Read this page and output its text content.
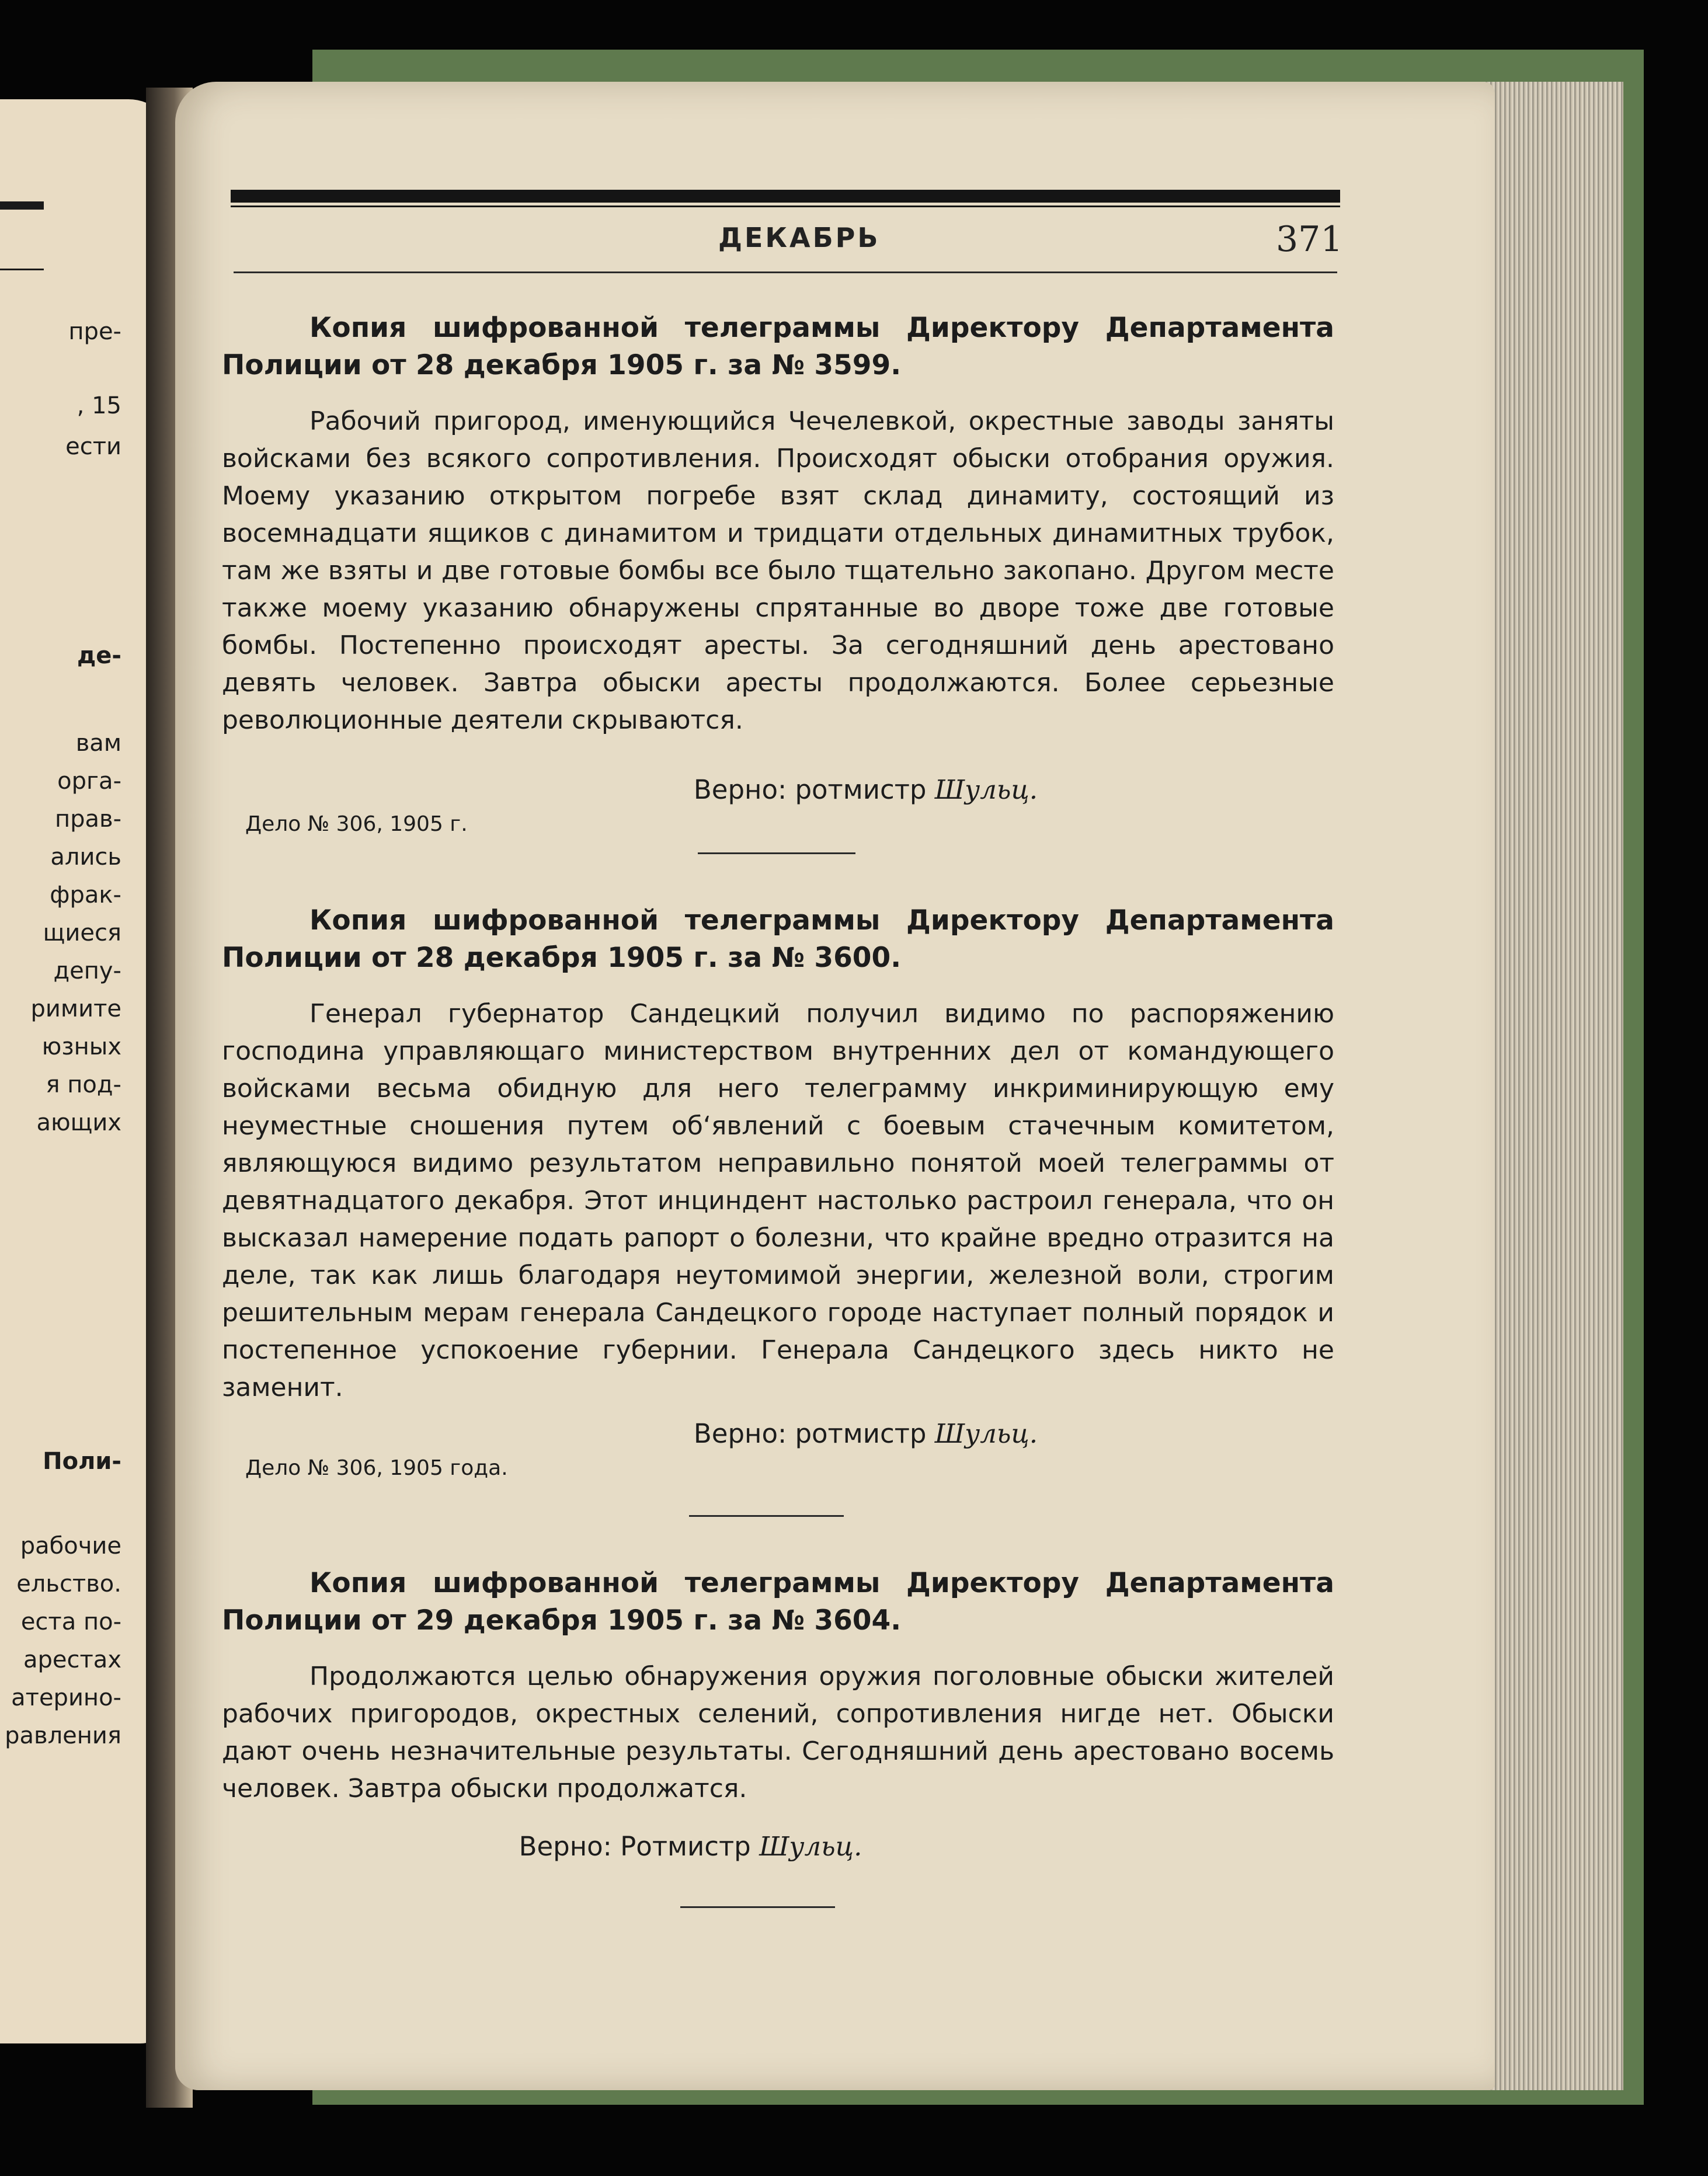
пре-
, 15
ести
де-
вам
орга-
прав-
ались
фрак-
щиеся
депу-
римите
юзных
я под-
ающих
Поли-
рабочие
ельство.
еста по-
арестах
атерино-
равления
ДЕКАБРЬ	371
Копия шифрованной телеграммы Директору Департамента Полиции от 28 декабря 1905 г. за № 3599.
Рабочий пригород, именующийся Чечелевкой, окрестные заводы заняты войсками без всякого сопротивления. Происходят обыски отобрания оружия. Моему указанию открытом погребе взят склад динамиту, состоящий из восемнадцати ящиков с динамитом и тридцати отдельных динамитных трубок, там же взяты и две готовые бомбы все было тщательно закопано. Другом месте также моему указанию обнаружены спрятанные во дворе тоже две готовые бомбы. Постепенно происходят аресты. За сегодняшний день арестовано девять человек. Завтра обыски аресты продолжаются. Более серьезные революционные деятели скрываются.
Верно: ротмистр Шульц.
Дело № 306, 1905 г.
Копия шифрованной телеграммы Директору Департамента Полиции от 28 декабря 1905 г. за № 3600.
Генерал губернатор Сандецкий получил видимо по распоряжению господина управляющаго министерством внутренних дел от командующего войсками весьма обидную для него телеграмму инкриминирующую ему неуместные сношения путем об‘явлений с боевым стачечным комитетом, являющуюся видимо результатом неправильно понятой моей телеграммы от девятнадцатого декабря. Этот инциндент настолько растроил генерала, что он высказал намерение подать рапорт о болезни, что крайне вредно отразится на деле, так как лишь благодаря неутомимой энергии, железной воли, строгим решительным мерам генерала Сандецкого городе наступает полный порядок и постепенное успокоение губернии. Генерала Сандецкого здесь никто не заменит.
Верно: ротмистр Шульц.
Дело № 306, 1905 года.
Копия шифрованной телеграммы Директору Департамента Полиции от 29 декабря 1905 г. за № 3604.
Продолжаются целью обнаружения оружия поголовные обыски жителей рабочих пригородов, окрестных селений, сопротивления нигде нет. Обыски дают очень незначительные результаты. Сегодняшний день арестовано восемь человек. Завтра обыски продолжатся.
Верно: Ротмистр Шульц.
